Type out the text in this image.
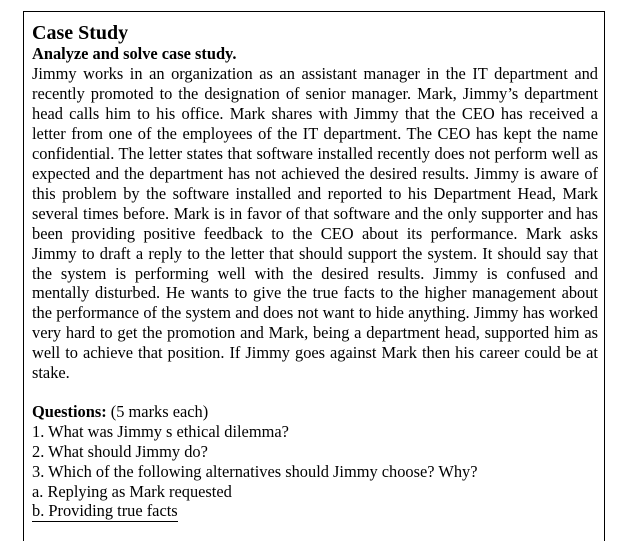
Case Study
Analyze and solve case study.

Jimmy works in an organization as an assistant manager in the IT department and recently promoted to the designation of senior manager. Mark, Jimmy’s department head calls him to his office. Mark shares with Jimmy that the CEO has received a letter from one of the employees of the IT department. The CEO has kept the name confidential. The letter states that software installed recently does not perform well as expected and the department has not achieved the desired results. Jimmy is aware of this problem by the software installed and reported to his Department Head, Mark several times before. Mark is in favor of that software and the only supporter and has been providing positive feedback to the CEO about its performance. Mark asks Jimmy to draft a reply to the letter that should support the system. It should say that the system is performing well with the desired results. Jimmy is confused and mentally disturbed. He wants to give the true facts to the higher management about the performance of the system and does not want to hide anything. Jimmy has worked very hard to get the promotion and Mark, being a department head, supported him as well to achieve that position. If Jimmy goes against Mark then his career could be at stake.

Questions: (5 marks each)
1. What was Jimmy s ethical dilemma?
2. What should Jimmy do?
3. Which of the following alternatives should Jimmy choose? Why?
a. Replying as Mark requested
b. Providing true facts
